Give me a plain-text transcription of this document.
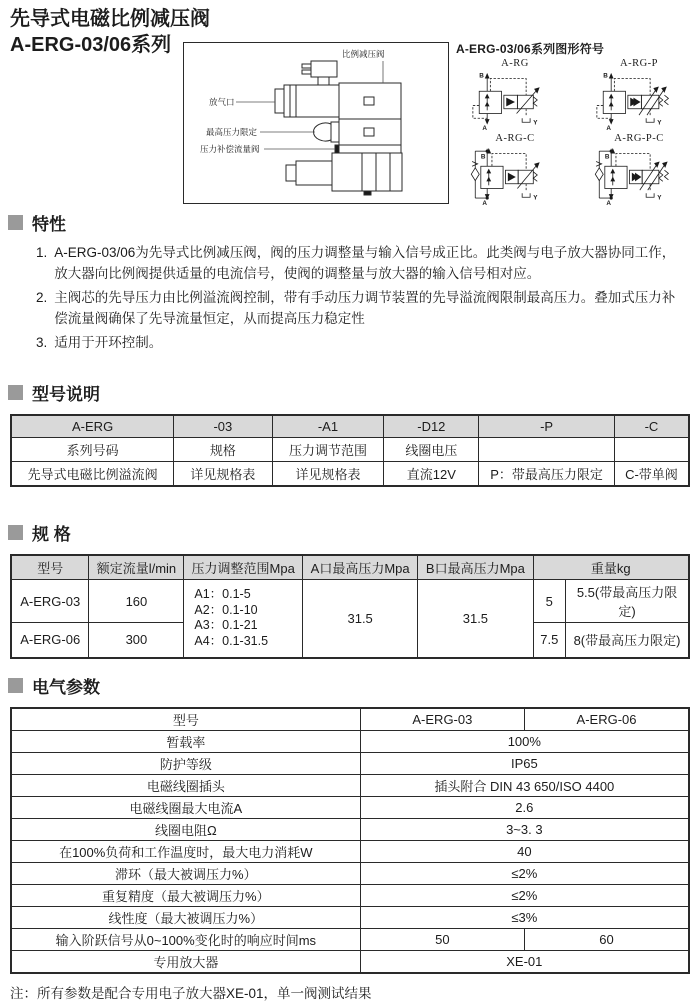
先导式电磁比例减压阀
A-ERG-03/06系列	比例减压阀
放气口
最高压力限定
压力补偿流量阀
A-ERG-03/06系列图形符号
A-RG
B
A
Y
A-RG-P
B
A
Y
A-RG-C
B
A
Y
A-RG-P-C
B
A
Y
特性
1. A-ERG-03/06为先导式比例减压阀，阀的压力调整量与输入信号成正比。此类阀与电子放大器协同工作，放大器向比例阀提供适量的电流信号，使阀的调整量与放大器的输入信号相对应。
2. 主阀芯的先导压力由比例溢流阀控制，带有手动压力调节装置的先导溢流阀限制最高压力。叠加式压力补偿流量阀确保了先导流量恒定，从而提高压力稳定性
3. 适用于开环控制。
型号说明
A-ERG	-03	-A1	-D12	-P	-C
系列号码	规格	压力调节范围	线圈电压		
先导式电磁比例溢流阀	详见规格表	详见规格表	直流12V	P：带最高压力限定	C-带单阀
规 格
型号	额定流量l/min	压力调整范围Mpa	A口最高压力Mpa	B口最高压力Mpa	重量kg	
A-ERG-03	160	A1：0.1-5
A2：0.1-10
A3：0.1-21
A4：0.1-31.5	31.5	31.5	5	5.5(带最高压力限定)
A-ERG-06	300				7.5	8(带最高压力限定)
电气参数
型号	A-ERG-03	A-ERG-06
暂载率	100%	
防护等级	IP65	
电磁线圈插头	插头附合 DIN 43 650/ISO 4400	
电磁线圈最大电流A	2.6	
线圈电阻Ω	3~3. 3	
在100%负荷和工作温度时，最大电力消耗W	40	
滞环（最大被调压力%）	≤2%	
重复精度（最大被调压力%）	≤2%	
线性度（最大被调压力%）	≤3%	
输入阶跃信号从0~100%变化时的响应时间ms	50	60
专用放大器	XE-01	
注：所有参数是配合专用电子放大器XE-01，单一阀测试结果
